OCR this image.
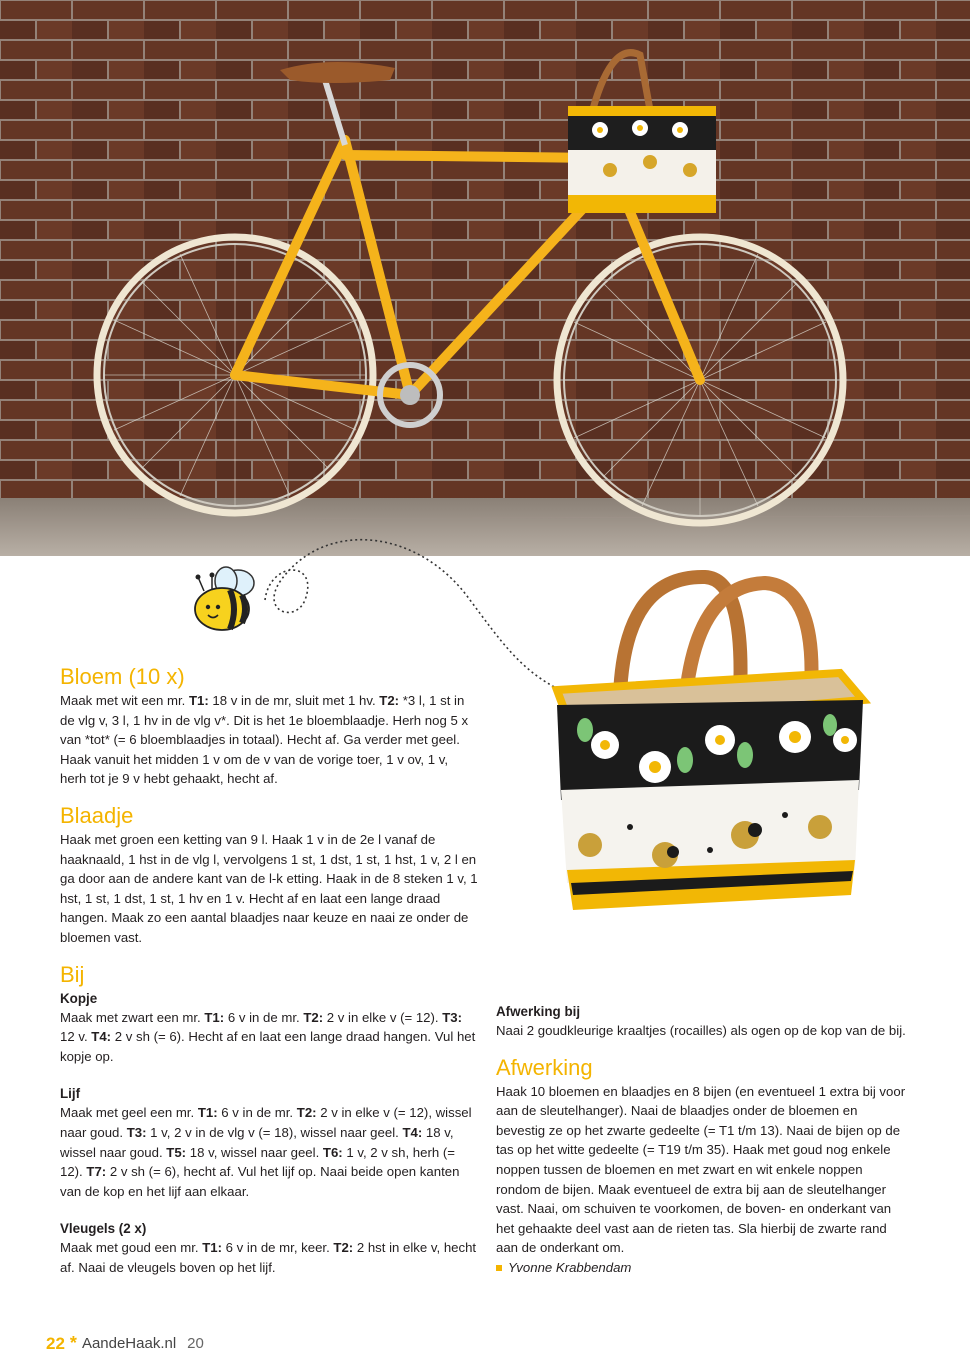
Bloem (10 x)

Maak met wit een mr. T1: 18 v in de mr, sluit met 1 hv. T2: *3 l, 1 st in de vlg v, 3 l, 1 hv in de vlg v*. Dit is het 1e bloemblaadje. Herh nog 5 x van *tot* (= 6 bloemblaadjes in totaal). Hecht af. Ga verder met geel. Haak vanuit het midden 1 v om de v van de vorige toer, 1 v ov, 1 v, herh tot je 9 v hebt gehaakt, hecht af.

Blaadje

Haak met groen een ketting van 9 l. Haak 1 v in de 2e l vanaf de haaknaald, 1 hst in de vlg l, vervolgens 1 st, 1 dst, 1 st, 1 hst, 1 v, 2 l en ga door aan de andere kant van de l-k etting. Haak in de 8 steken 1 v, 1 hst, 1 st, 1 dst, 1 st, 1 hv en 1 v. Hecht af en laat een lange draad hangen. Maak zo een aantal blaadjes naar keuze en naai ze onder de bloemen vast.

Bij

Kopje

Maak met zwart een mr. T1: 6 v in de mr. T2: 2 v in elke v (= 12). T3: 12 v. T4: 2 v sh (= 6). Hecht af en laat een lange draad hangen. Vul het kopje op.

Lijf

Maak met geel een mr. T1: 6 v in de mr. T2: 2 v in elke v (= 12), wissel naar goud. T3: 1 v, 2 v in de vlg v (= 18), wissel naar geel. T4: 18 v, wissel naar goud. T5: 18 v, wissel naar geel. T6: 1 v, 2 v sh, herh (= 12). T7: 2 v sh (= 6), hecht af. Vul het lijf op. Naai beide open kanten van de kop en het lijf aan elkaar.

Vleugels (2 x)

Maak met goud een mr. T1: 6 v in de mr, keer. T2: 2 hst in elke v, hecht af. Naai de vleugels boven op het lijf.

Afwerking bij

Naai 2 goudkleurige kraaltjes (rocailles) als ogen op de kop van de bij.

Afwerking

Haak 10 bloemen en blaadjes en 8 bijen (en eventueel 1 extra bij voor aan de sleutelhanger). Naai de blaadjes onder de bloemen en bevestig ze op het zwarte gedeelte (= T1 t/m 13). Naai de bijen op de tas op het witte gedeelte (= T19 t/m 35). Haak met goud nog enkele noppen tussen de bloemen en met zwart en wit enkele noppen rondom de bijen. Maak eventueel de extra bij aan de sleutelhanger vast. Naai, om schuiven te voorkomen, de boven- en onderkant van het gehaakte deel vast aan de rieten tas. Sla hierbij de zwarte rand aan de onderkant om.

Yvonne Krabbendam

22 * AandeHaak.nl 20
